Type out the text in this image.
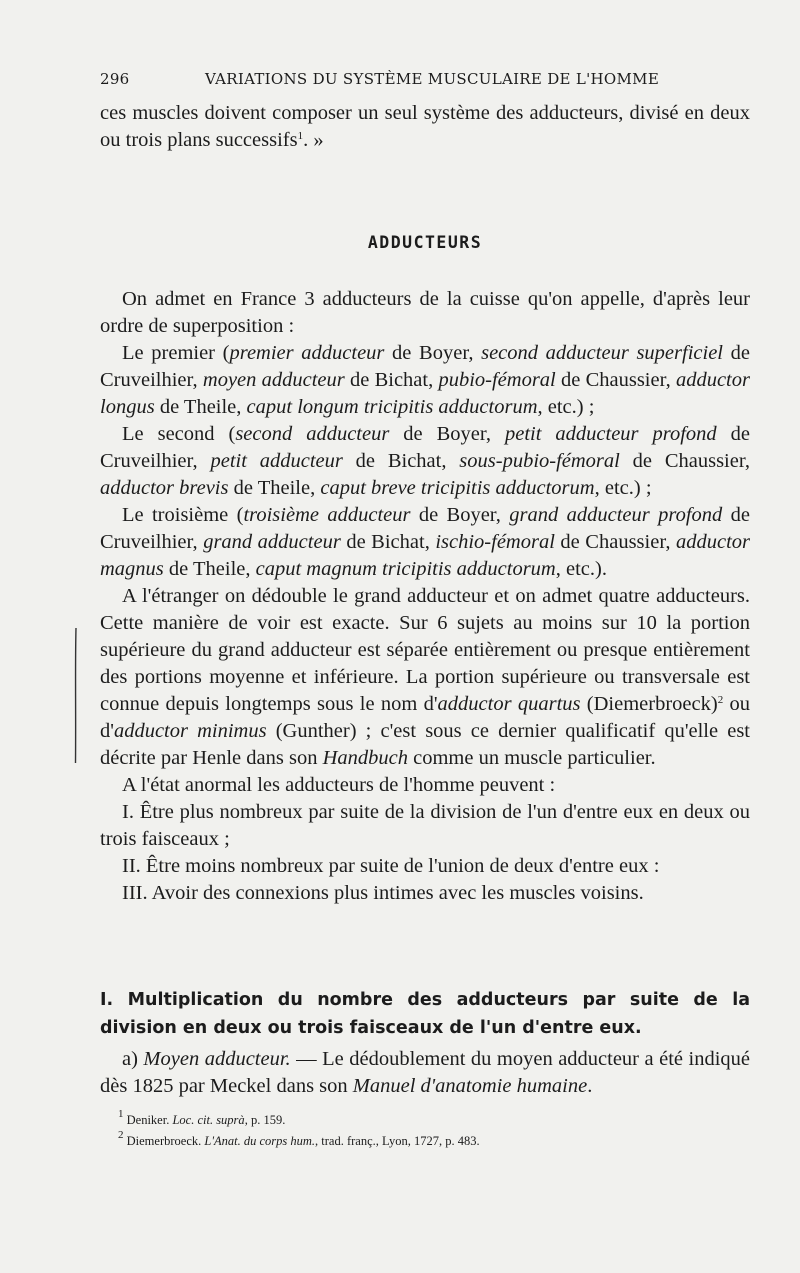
296	VARIATIONS DU SYSTÈME MUSCULAIRE DE L'HOMME

ces muscles doivent composer un seul système des adducteurs, divisé en deux ou trois plans successifs$^1$. »

ADDUCTEURS

On admet en France 3 adducteurs de la cuisse qu'on appelle, d'après leur ordre de superposition :

Le premier (premier adducteur de Boyer, second adducteur superficiel de Cruveilhier, moyen adducteur de Bichat, pubio-fémoral de Chaussier, adductor longus de Theile, caput longum tricipitis adductorum, etc.) ;

Le second (second adducteur de Boyer, petit adducteur profond de Cruveilhier, petit adducteur de Bichat, sous-pubio-fémoral de Chaussier, adductor brevis de Theile, caput breve tricipitis adductorum, etc.) ;

Le troisième (troisième adducteur de Boyer, grand adducteur profond de Cruveilhier, grand adducteur de Bichat, ischio-fémoral de Chaussier, adductor magnus de Theile, caput magnum tricipitis adductorum, etc.).

A l'étranger on dédouble le grand adducteur et on admet quatre adducteurs. Cette manière de voir est exacte. Sur 6 sujets au moins sur 10 la portion supérieure du grand adducteur est séparée entièrement ou presque entièrement des portions moyenne et inférieure. La portion supérieure ou transversale est connue depuis longtemps sous le nom d'adductor quartus (Diemerbroeck)$^2$ ou d'adductor minimus (Gunther) ; c'est sous ce dernier qualificatif qu'elle est décrite par Henle dans son Handbuch comme un muscle particulier.

A l'état anormal les adducteurs de l'homme peuvent :

I. Être plus nombreux par suite de la division de l'un d'entre eux en deux ou trois faisceaux ;

II. Être moins nombreux par suite de l'union de deux d'entre eux :

III. Avoir des connexions plus intimes avec les muscles voisins.

I. Multiplication du nombre des adducteurs par suite de la division en deux ou trois faisceaux de l'un d'entre eux.

a) Moyen adducteur. — Le dédoublement du moyen adducteur a été indiqué dès 1825 par Meckel dans son Manuel d'anatomie humaine.

$^1$ Deniker. Loc. cit. suprà, p. 159.
$^2$ Diemerbroeck. L'Anat. du corps hum., trad. franç., Lyon, 1727, p. 483.
